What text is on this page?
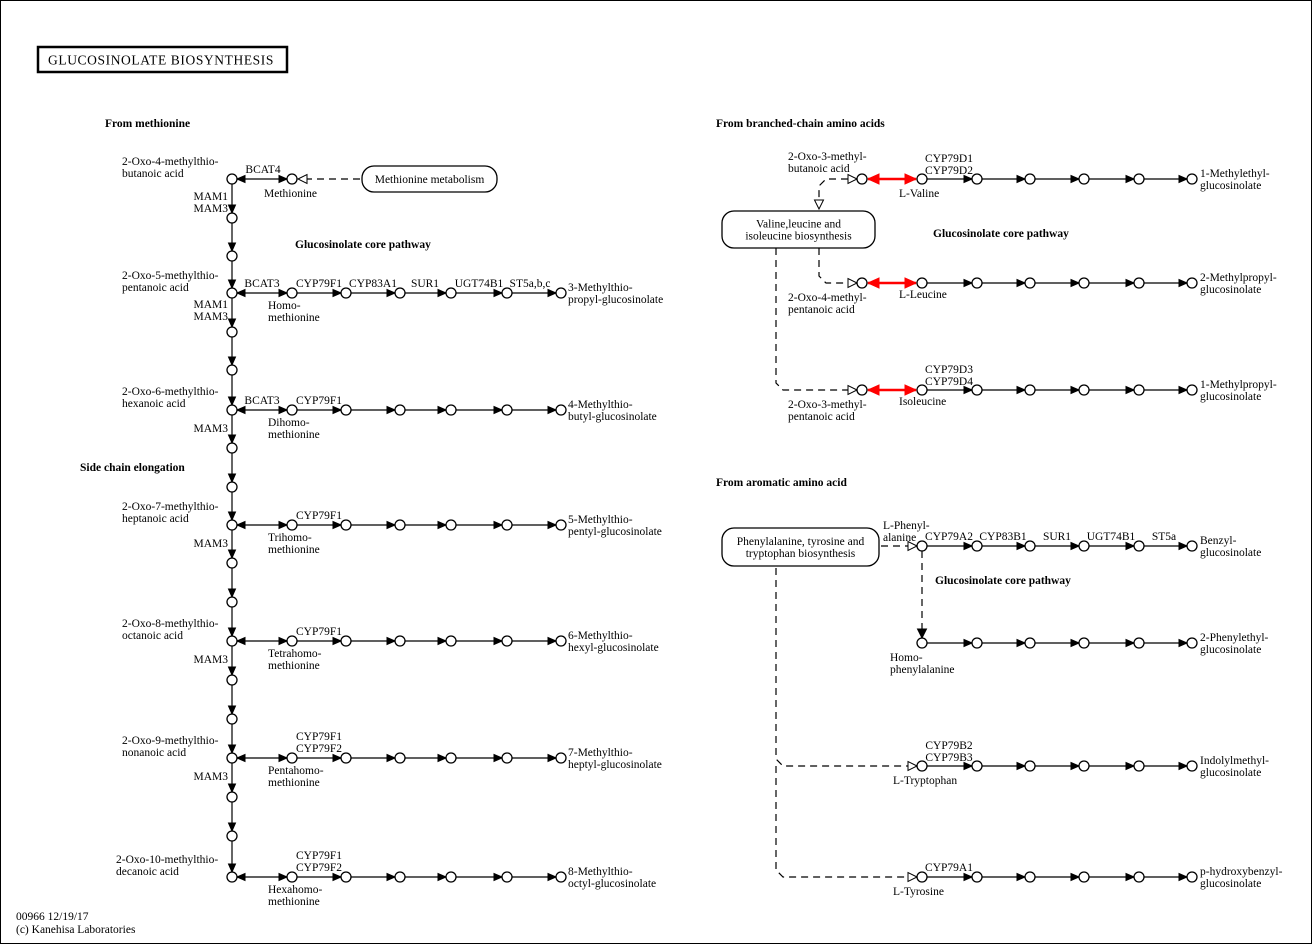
Methionine metabolism
Valine,leucine and
isoleucine biosynthesis
Phenylalanine, tyrosine and
tryptophan biosynthesis
From methionine
Glucosinolate core pathway
Side chain elongation
From branched-chain amino acids
Glucosinolate core pathway
From aromatic amino acid
Glucosinolate core pathway
2-Oxo-4-methylthio-butanoic acid	BCAT4
Methionine
MAM1 MAM3
2-Oxo-5-methylthio-pentanoic acid	BCAT3 CYP79F1 CYP83A1 SUR1 UGT74B1 ST5a,b,c
Homo-methionine
MAM1 MAM3
3-Methylthio-propyl-glucosinolate
2-Oxo-6-methylthio-hexanoic acid	BCAT3 CYP79F1
Dihomo-methionine
MAM3
4-Methylthio-butyl-glucosinolate
2-Oxo-7-methylthio-heptanoic acid	CYP79F1
Trihomo-methionine
MAM3
5-Methylthio-pentyl-glucosinolate
2-Oxo-8-methylthio-octanoic acid	CYP79F1
Tetrahomo-methionine
MAM3
6-Methylthio-hexyl-glucosinolate
2-Oxo-9-methylthio-nonanoic acid
CYP79F1 CYP79F2
Pentahomo-methionine
MAM3
7-Methylthio-heptyl-glucosinolate
2-Oxo-10-methylthio-decanoic acid
CYP79F1 CYP79F2
Hexahomo-methionine
8-Methylthio-octyl-glucosinolate
2-Oxo-3-methyl-butanoic acid
CYP79D1 CYP79D2
L-Valine
1-Methylethyl-glucosinolate
2-Oxo-4-methyl-pentanoic acid
L-Leucine
2-Methylpropyl-glucosinolate
CYP79D3 CYP79D4
2-Oxo-3-methyl-pentanoic acid
Isoleucine
1-Methylpropyl-glucosinolate
L-Phenyl-alanine CYP79A2 CYP83B1 SUR1 UGT74B1 ST5a Benzyl-glucosinolate
Homo-phenylalanine
2-Phenylethyl-glucosinolate
CYP79B2 CYP79B3
L-Tryptophan
Indolylmethyl-glucosinolate
CYP79A1
L-Tyrosine
p-hydroxybenzyl-glucosinolate
00966 12/19/17
(c) Kanehisa Laboratories
GLUCOSINOLATE BIOSYNTHESIS
